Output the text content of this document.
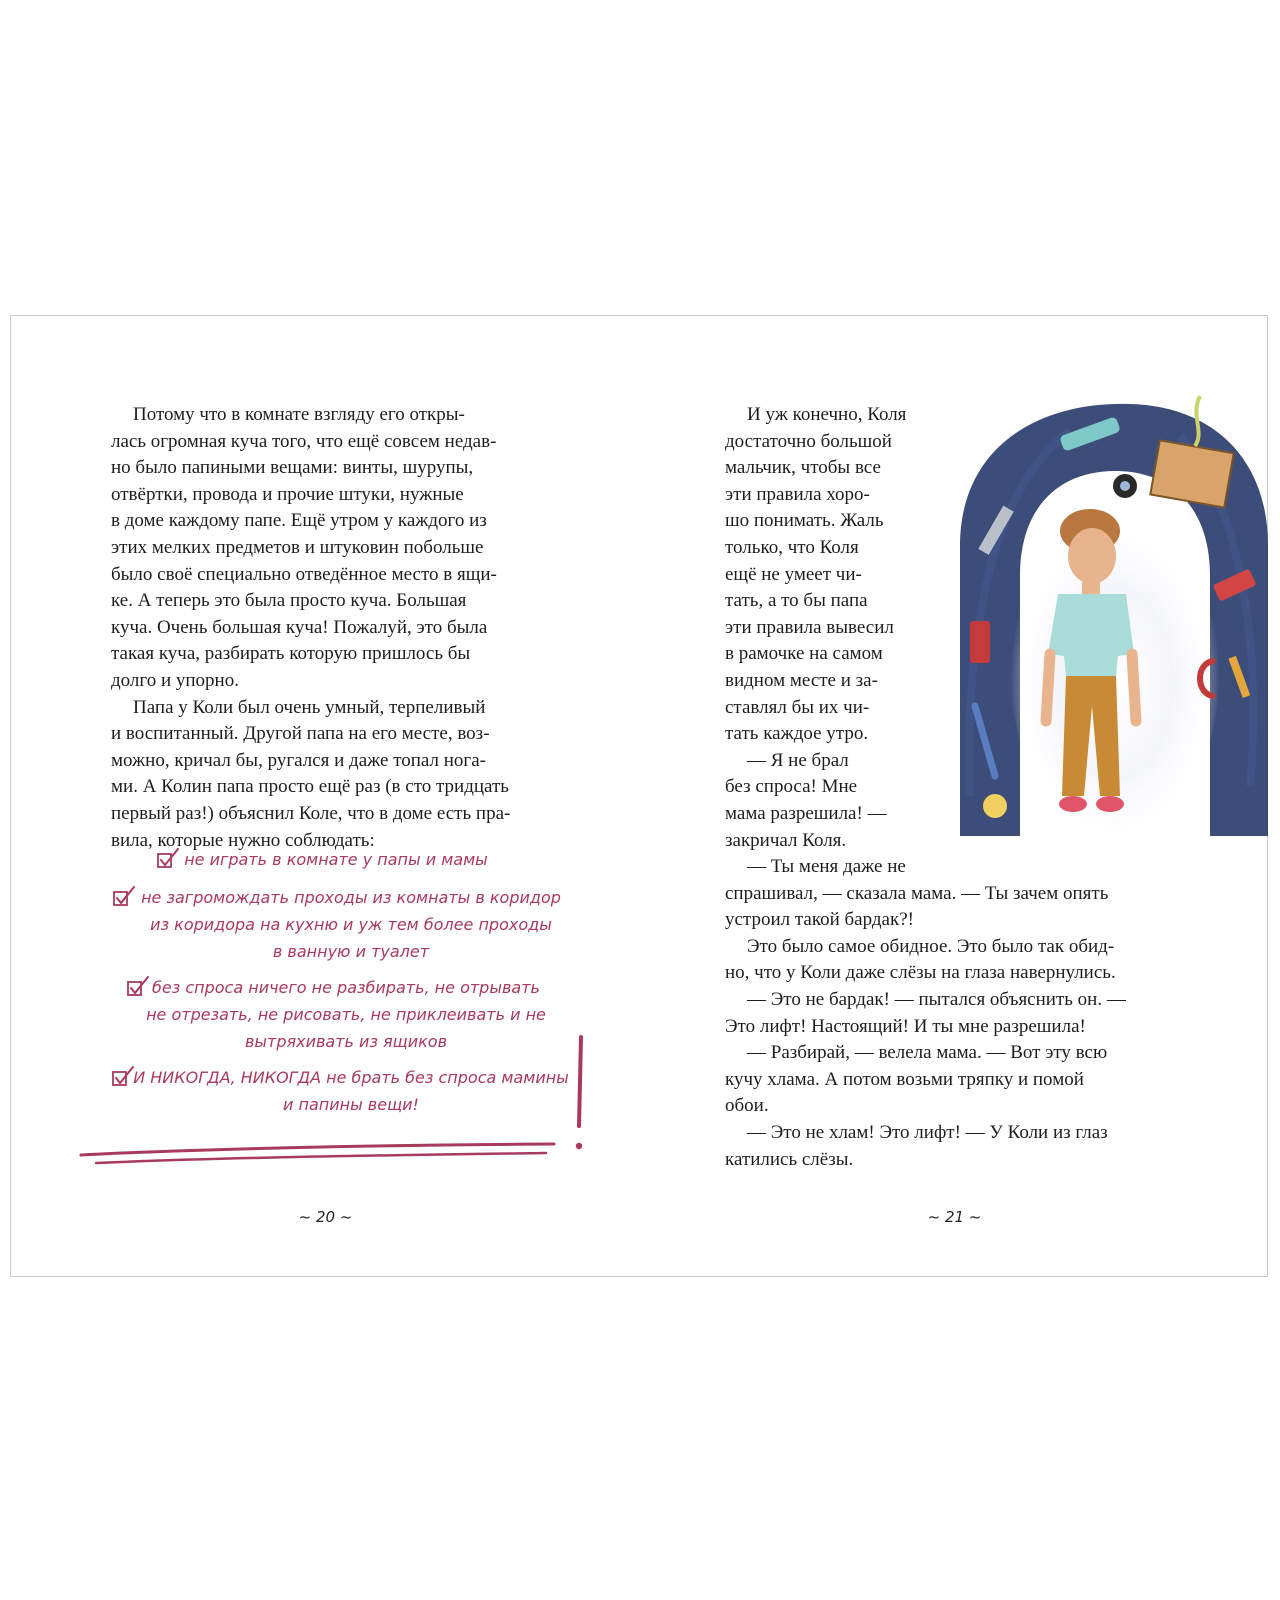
Потому что в комнате взгляду его откры-
лась огромная куча того, что ещё совсем недав-
но было папиными вещами: винты, шурупы,
отвёртки, провода и прочие штуки, нужные
в доме каждому папе. Ещё утром у каждого из
этих мелких предметов и штуковин побольше
было своё специально отведённое место в ящи-
ке. А теперь это была просто куча. Большая
куча. Очень большая куча! Пожалуй, это была
такая куча, разбирать которую пришлось бы
долго и упорно.

Папа у Коли был очень умный, терпеливый
и воспитанный. Другой папа на его месте, воз-
можно, кричал бы, ругался и даже топал нога-
ми. А Колин папа просто ещё раз (в сто тридцать
первый раз!) объяснил Коле, что в доме есть пра-
вила, которые нужно соблюдать:

не играть в комнате у папы и мамы
не загромождать проходы из комнаты в коридор
из коридора на кухню и уж тем более проходы
в ванную и туалет
без спроса ничего не разбирать, не отрывать
не отрезать, не рисовать, не приклеивать и не
вытряхивать из ящиков
И НИКОГДА, НИКОГДА не брать без спроса мамины
и папины вещи!
~ 20 ~

И уж конечно, Коля
достаточно большой
мальчик, чтобы все
эти правила хоро-
шо понимать. Жаль
только, что Коля
ещё не умеет чи-
тать, а то бы папа
эти правила вывесил
в рамочке на самом
видном месте и за-
ставлял бы их чи-
тать каждое утро.

— Я не брал
без спроса! Мне
мама разрешила! —
закричал Коля.

— Ты меня даже не

спрашивал, — сказала мама. — Ты зачем опять
устроил такой бардак?!
Это было самое обидное. Это было так обид-
но, что у Коли даже слёзы на глаза навернулись.

— Это не бардак! — пытался объяснить он. —
Это лифт! Настоящий! И ты мне разрешила!

— Разбирай, — велела мама. — Вот эту всю
кучу хлама. А потом возьми тряпку и помой
обои.

— Это не хлам! Это лифт! — У Коли из глаз
катились слёзы.

~ 21 ~
